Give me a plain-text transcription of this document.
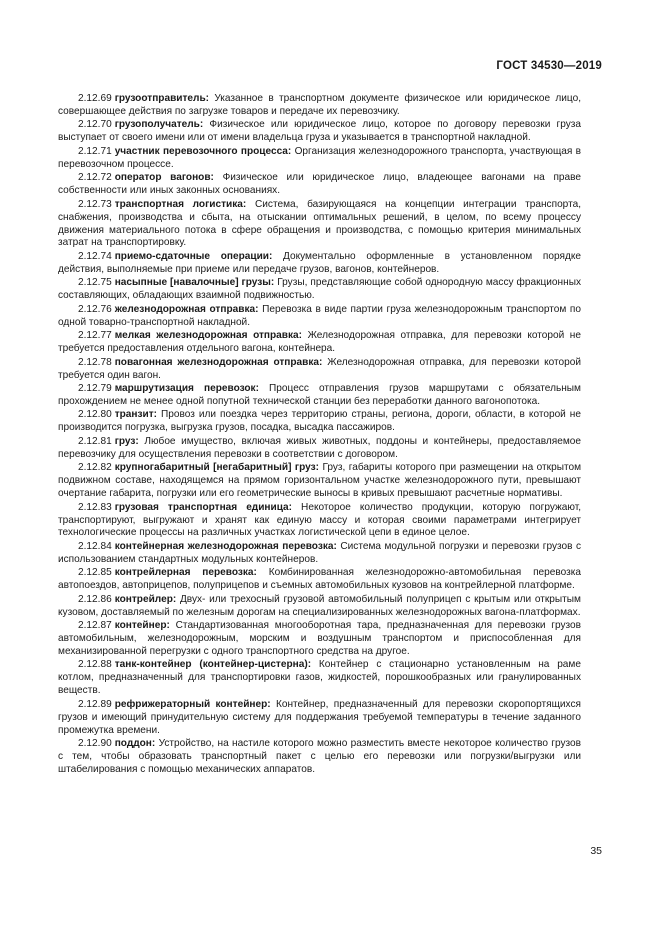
ГОСТ 34530—2019

2.12.69 грузоотправитель: Указанное в транспортном документе физическое или юридическое лицо, совершающее действия по загрузке товаров и передаче их перевозчику.

2.12.70 грузополучатель: Физическое или юридическое лицо, которое по договору перевозки груза выступает от своего имени или от имени владельца груза и указывается в транспортной накладной.

2.12.71 участник перевозочного процесса: Организация железнодорожного транспорта, участвующая в перевозочном процессе.

2.12.72 оператор вагонов: Физическое или юридическое лицо, владеющее вагонами на праве собственности или иных законных основаниях.

2.12.73 транспортная логистика: Система, базирующаяся на концепции интеграции транспорта, снабжения, производства и сбыта, на отыскании оптимальных решений, в целом, по всему процессу движения материального потока в сфере обращения и производства, с помощью критерия минимальных затрат на транспортировку.

2.12.74 приемо-сдаточные операции: Документально оформленные в установленном порядке действия, выполняемые при приеме или передаче грузов, вагонов, контейнеров.

2.12.75 насыпные [навалочные] грузы: Грузы, представляющие собой однородную массу фракционных составляющих, обладающих взаимной подвижностью.

2.12.76 железнодорожная отправка: Перевозка в виде партии груза железнодорожным транспортом по одной товарно-транспортной накладной.

2.12.77 мелкая железнодорожная отправка: Железнодорожная отправка, для перевозки которой не требуется предоставления отдельного вагона, контейнера.

2.12.78 повагонная железнодорожная отправка: Железнодорожная отправка, для перевозки которой требуется один вагон.

2.12.79 маршрутизация перевозок: Процесс отправления грузов маршрутами с обязательным прохождением не менее одной попутной технической станции без переработки данного вагонопотока.

2.12.80 транзит: Провоз или поездка через территорию страны, региона, дороги, области, в которой не производится погрузка, выгрузка грузов, посадка, высадка пассажиров.

2.12.81 груз: Любое имущество, включая живых животных, поддоны и контейнеры, предоставляемое перевозчику для осуществления перевозки в соответствии с договором.

2.12.82 крупногабаритный [негабаритный] груз: Груз, габариты которого при размещении на открытом подвижном составе, находящемся на прямом горизонтальном участке железнодорожного пути, превышают очертание габарита, погрузки или его геометрические выносы в кривых превышают расчетные нормативы.

2.12.83 грузовая транспортная единица: Некоторое количество продукции, которую погружают, транспортируют, выгружают и хранят как единую массу и которая своими параметрами интегрирует технологические процессы на различных участках логистической цепи в единое целое.

2.12.84 контейнерная железнодорожная перевозка: Система модульной погрузки и перевозки грузов с использованием стандартных модульных контейнеров.

2.12.85 контрейлерная перевозка: Комбинированная железнодорожно-автомобильная перевозка автопоездов, автоприцепов, полуприцепов и съемных автомобильных кузовов на контрейлерной платформе.

2.12.86 контрейлер: Двух- или трехосный грузовой автомобильный полуприцеп с крытым или открытым кузовом, доставляемый по железным дорогам на специализированных железнодорожных вагона-платформах.

2.12.87 контейнер: Стандартизованная многооборотная тара, предназначенная для перевозки грузов автомобильным, железнодорожным, морским и воздушным транспортом и приспособленная для механизированной перегрузки с одного транспортного средства на другое.

2.12.88 танк-контейнер (контейнер-цистерна): Контейнер с стационарно установленным на раме котлом, предназначенный для транспортировки газов, жидкостей, порошкообразных или гранулированных веществ.

2.12.89 рефрижераторный контейнер: Контейнер, предназначенный для перевозки скоропортящихся грузов и имеющий принудительную систему для поддержания требуемой температуры в течение заданного промежутка времени.

2.12.90 поддон: Устройство, на настиле которого можно разместить вместе некоторое количество грузов с тем, чтобы образовать транспортный пакет с целью его перевозки или погрузки/выгрузки или штабелирования с помощью механических аппаратов.

35
